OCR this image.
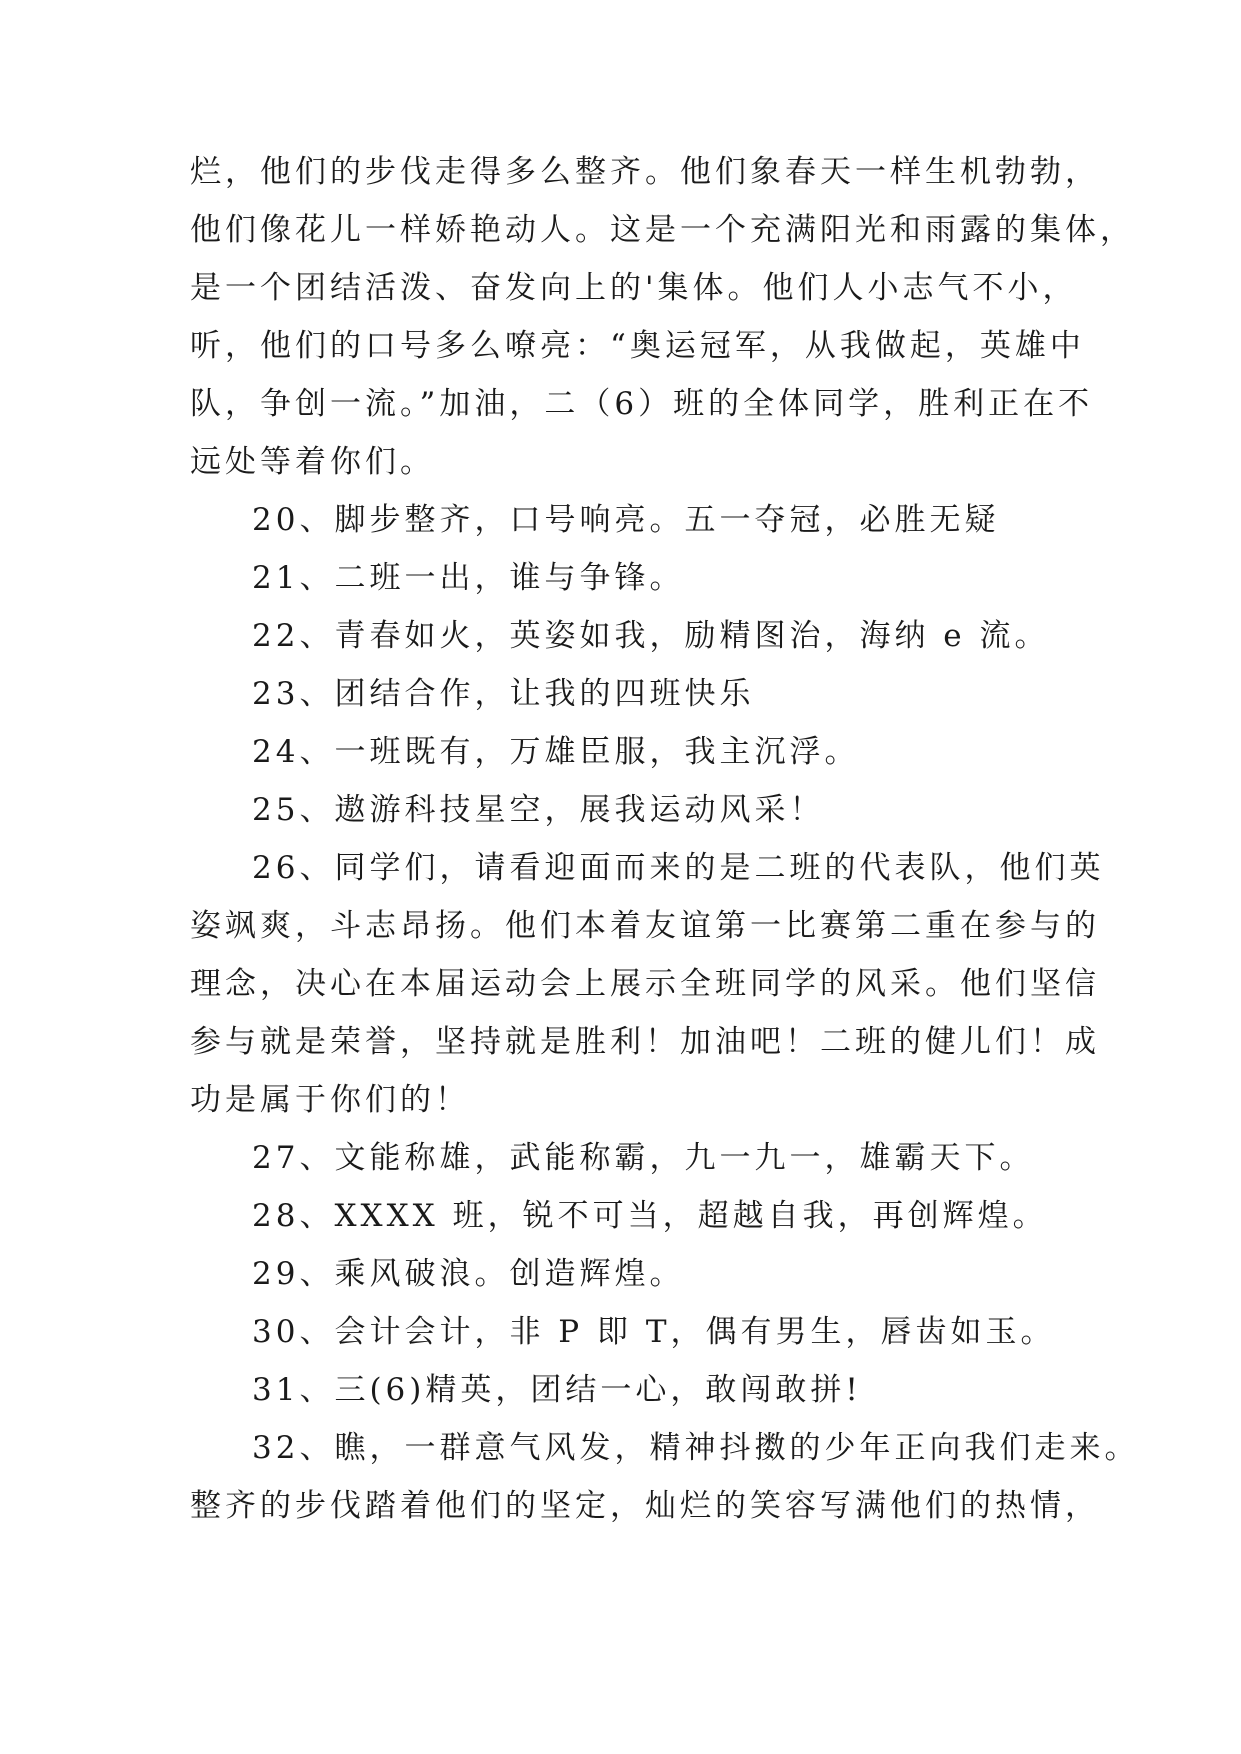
烂，他们的步伐走得多么整齐。他们象春天一样生机勃勃，
他们像花儿一样娇艳动人。这是一个充满阳光和雨露的集体，
是一个团结活泼、奋发向上的'集体。他们人小志气不小，
听，他们的口号多么嘹亮：“奥运冠军，从我做起，英雄中
队，争创一流。”加油，二（6）班的全体同学，胜利正在不
远处等着你们。
20、脚步整齐，口号响亮。五一夺冠，必胜无疑
21、二班一出，谁与争锋。
22、青春如火，英姿如我，励精图治，海纳 e 流。
23、团结合作，让我的四班快乐
24、一班既有，万雄臣服，我主沉浮。
25、遨游科技星空，展我运动风采！
26、同学们，请看迎面而来的是二班的代表队，他们英
姿飒爽，斗志昂扬。他们本着友谊第一比赛第二重在参与的
理念，决心在本届运动会上展示全班同学的风采。他们坚信
参与就是荣誉，坚持就是胜利！加油吧！二班的健儿们！成
功是属于你们的！
27、文能称雄，武能称霸，九一九一，雄霸天下。
28、XXXX 班，锐不可当，超越自我，再创辉煌。
29、乘风破浪。创造辉煌。
30、会计会计，非 P 即 T，偶有男生，唇齿如玉。
31、三(6)精英，团结一心，敢闯敢拼!
32、瞧，一群意气风发，精神抖擞的少年正向我们走来。
整齐的步伐踏着他们的坚定，灿烂的笑容写满他们的热情，
